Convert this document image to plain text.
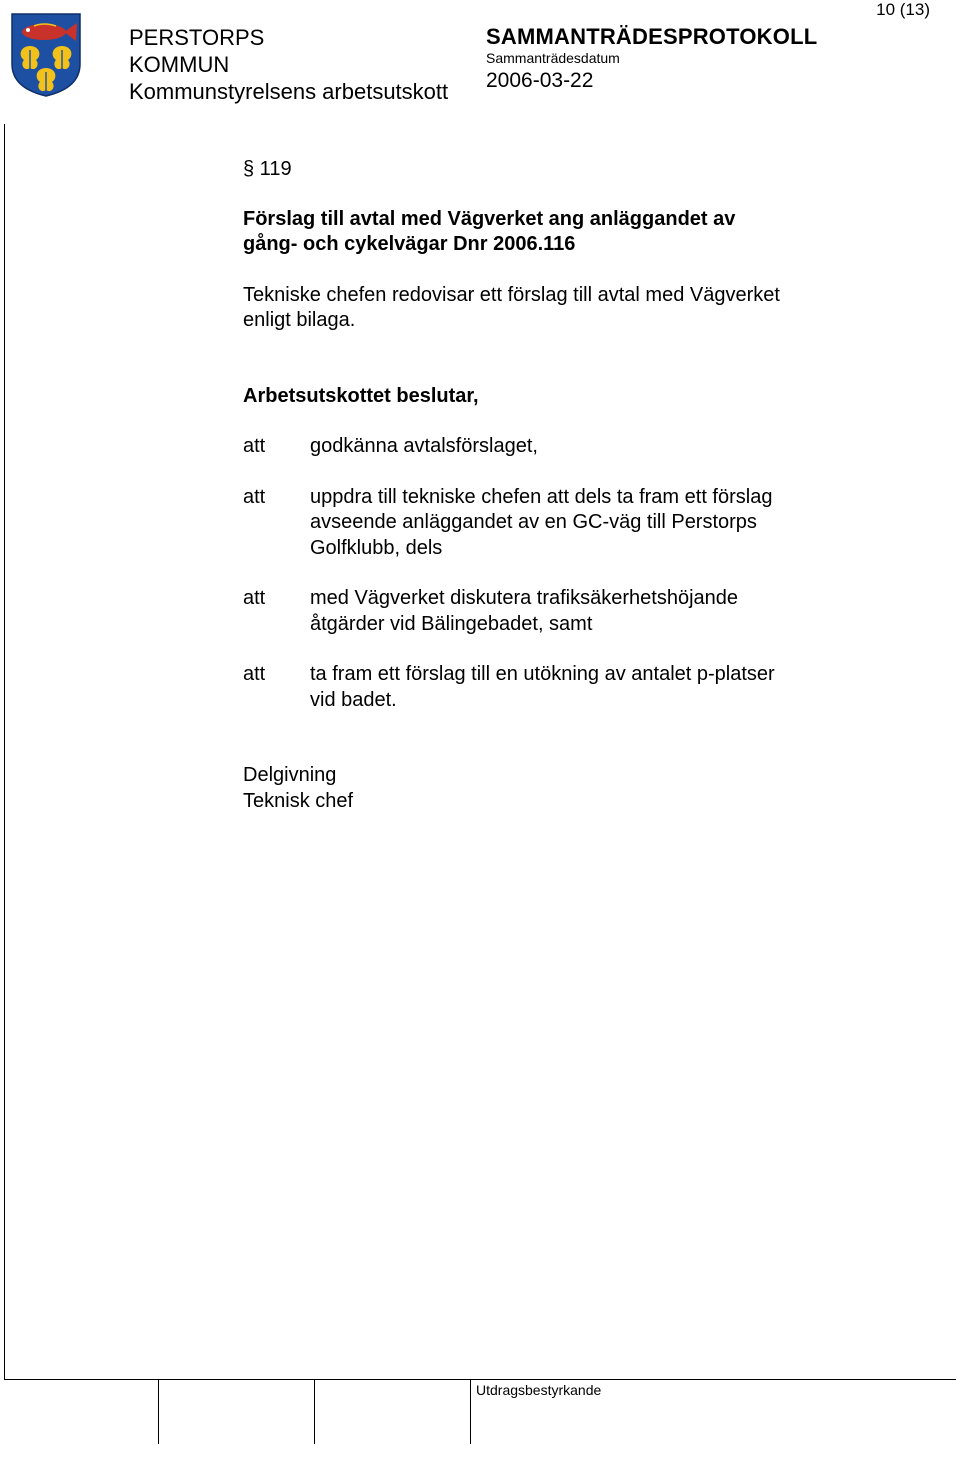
10 (13)
PERSTORPS
KOMMUN
Kommunstyrelsens arbetsutskott
SAMMANTRÄDESPROTOKOLL
Sammanträdesdatum
2006-03-22
§ 119
Förslag till avtal med Vägverket ang anläggandet av
gång- och cykelvägar Dnr 2006.116
Tekniske chefen redovisar ett förslag till avtal med Vägverket
enligt bilaga.
Arbetsutskottet beslutar,
att	godkänna avtalsförslaget,
att	uppdra till tekniske chefen att dels ta fram ett förslag
avseende anläggandet av en GC-väg till Perstorps
Golfklubb, dels
att	med Vägverket diskutera trafiksäkerhetshöjande
åtgärder vid Bälingebadet, samt
att	ta fram ett förslag till en utökning av antalet p-platser
vid badet.
Delgivning
Teknisk chef
Utdragsbestyrkande
